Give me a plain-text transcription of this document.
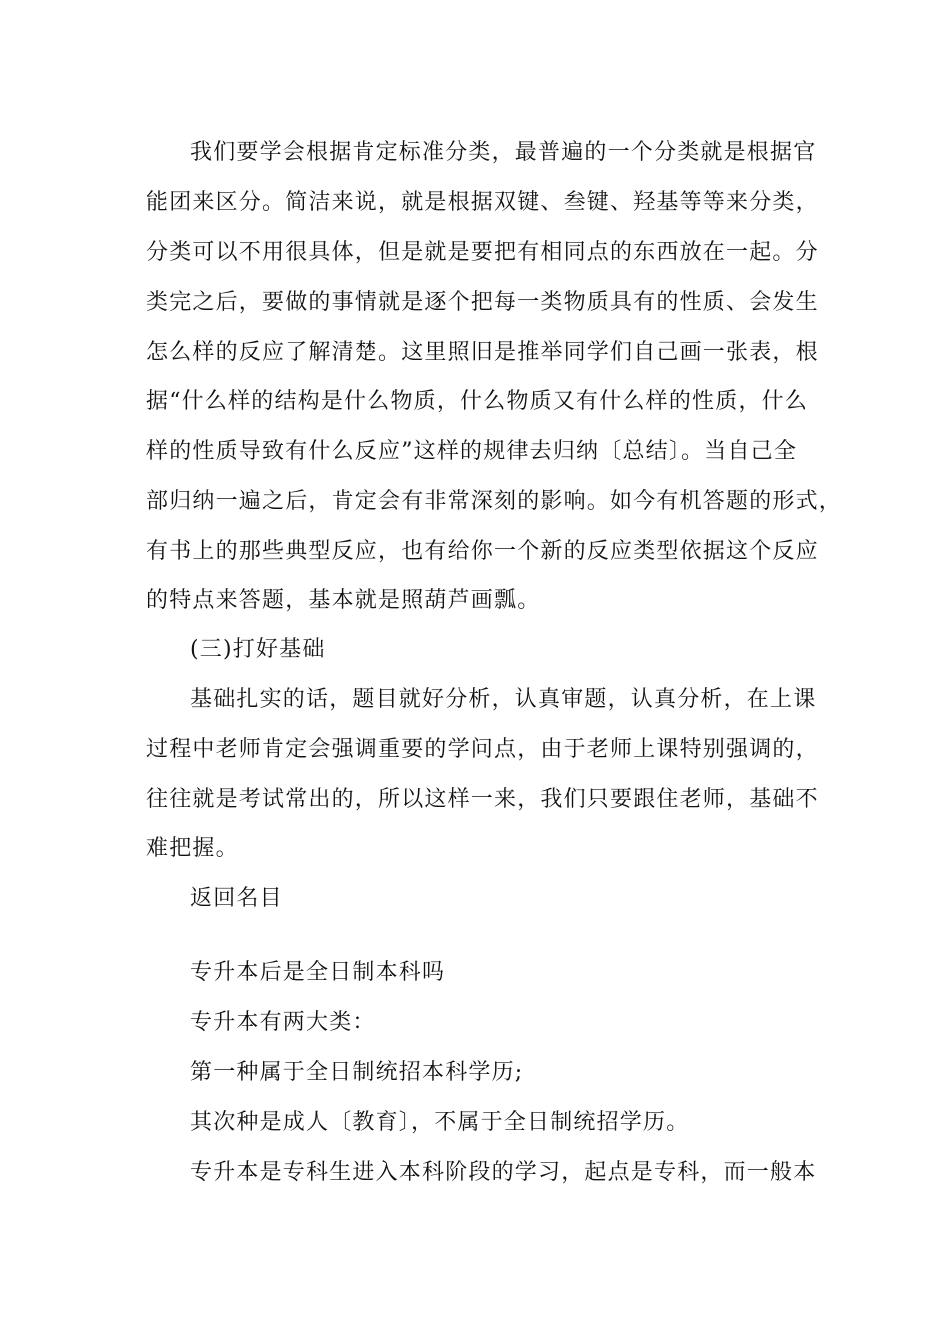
我们要学会根据肯定标准分类，最普遍的一个分类就是根据官
能团来区分。简洁来说，就是根据双键、叁键、羟基等等来分类，
分类可以不用很具体，但是就是要把有相同点的东西放在一起。分
类完之后，要做的事情就是逐个把每一类物质具有的性质、会发生
怎么样的反应了解清楚。这里照旧是推举同学们自己画一张表，根
据“什么样的结构是什么物质，什么物质又有什么样的性质，什么
样的性质导致有什么反应”这样的规律去归纳〔总结〕。当自己全
部归纳一遍之后，肯定会有非常深刻的影响。如今有机答题的形式，
有书上的那些典型反应，也有给你一个新的反应类型依据这个反应
的特点来答题，基本就是照葫芦画瓢。
(三)打好基础
基础扎实的话，题目就好分析，认真审题，认真分析，在上课
过程中老师肯定会强调重要的学问点，由于老师上课特别强调的，
往往就是考试常出的，所以这样一来，我们只要跟住老师，基础不
难把握。
返回名目
专升本后是全日制本科吗
专升本有两大类：
第一种属于全日制统招本科学历;
其次种是成人〔教育〕，不属于全日制统招学历。
专升本是专科生进入本科阶段的学习，起点是专科，而一般本
